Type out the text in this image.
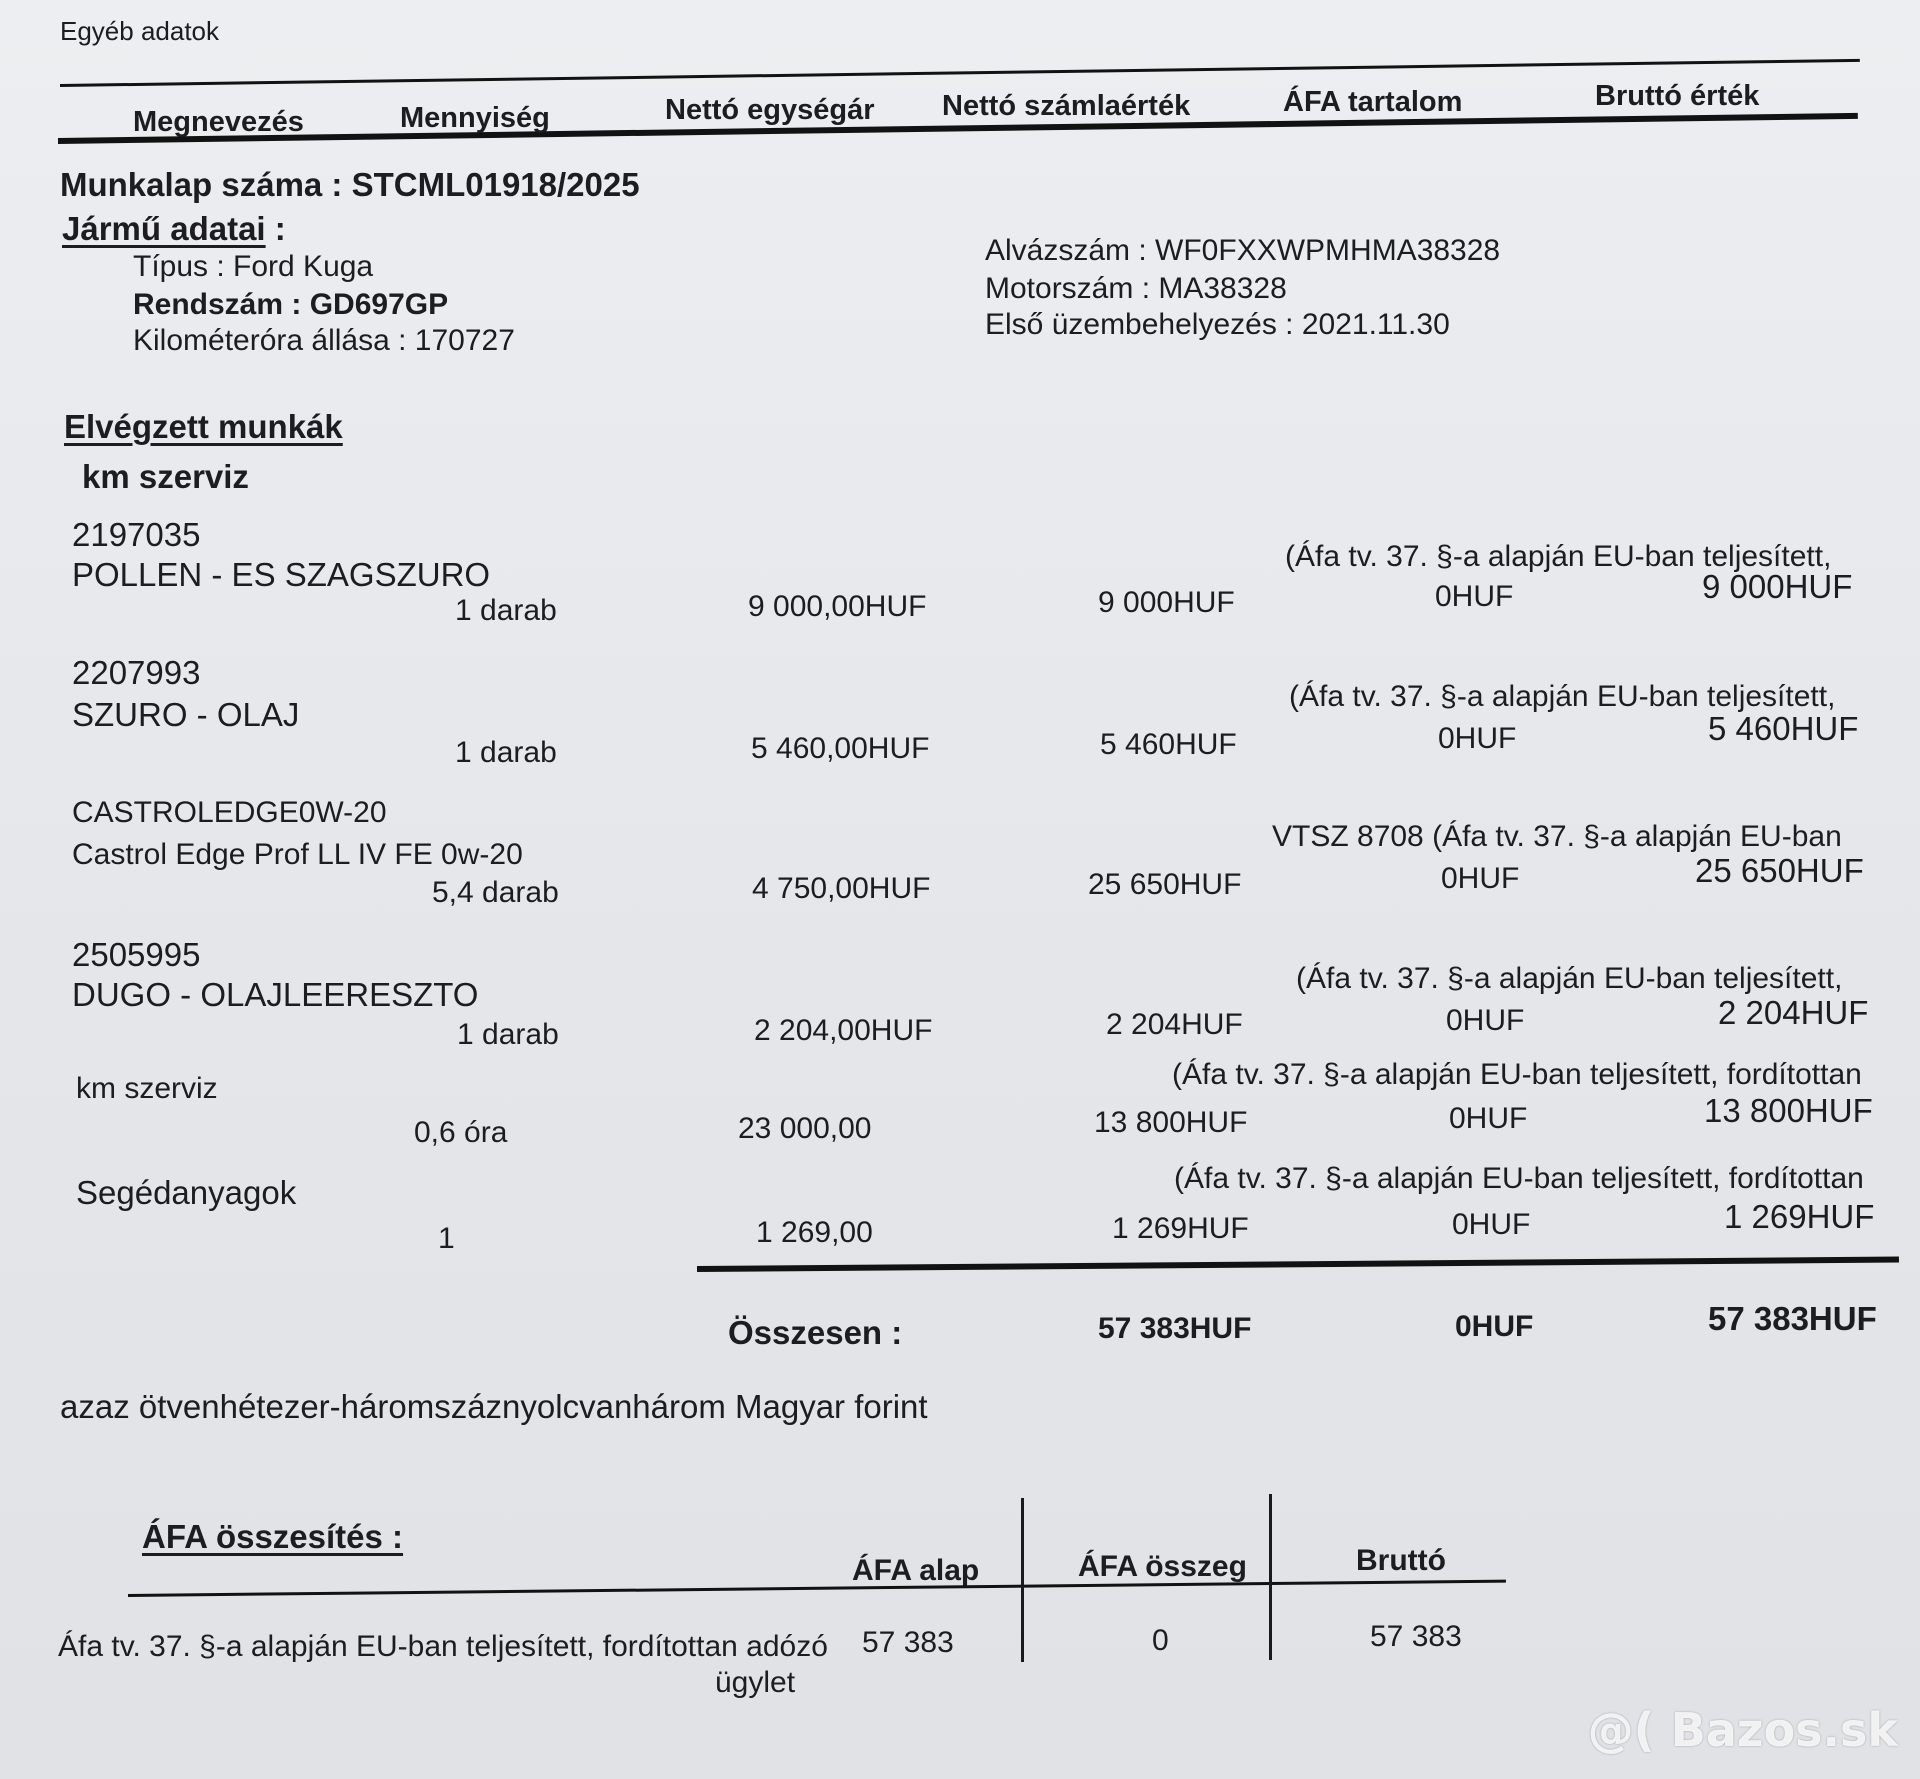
Egyéb adatok
Megnevezés	Mennyiség	Nettó egységár Nettó számlaérték	ÁFA tartalom	Bruttó érték
Munkalap száma : STCML01918/2025
Jármű adatai :
Típus : Ford Kuga
Rendszám : GD697GP
Kilométeróra állása : 170727
Alvázszám : WF0FXXWPMHMA38328
Motorszám : MA38328
Első üzembehelyezés : 2021.11.30
Elvégzett munkák
km szerviz
2197035
POLLEN - ES SZAGSZURO	(Áfa tv. 37. §-a alapján EU-ban teljesített,
1 darab	9 000,00HUF	9 000HUF	0HUF	9 000HUF
2207993
SZURO - OLAJ	(Áfa tv. 37. §-a alapján EU-ban teljesített,
1 darab	5 460,00HUF	5 460HUF	0HUF	5 460HUF
CASTROLEDGE0W-20
Castrol Edge Prof LL IV FE 0w-20
VTSZ 8708 (Áfa tv. 37. §-a alapján EU-ban
5,4 darab	4 750,00HUF	25 650HUF	0HUF	25 650HUF
2505995
DUGO - OLAJLEERESZTO	(Áfa tv. 37. §-a alapján EU-ban teljesített,
1 darab	2 204,00HUF	2 204HUF	0HUF	2 204HUF
km szerviz	(Áfa tv. 37. §-a alapján EU-ban teljesített, fordítottan
0,6 óra	23 000,00	13 800HUF	0HUF	13 800HUF
Segédanyagok	(Áfa tv. 37. §-a alapján EU-ban teljesített, fordítottan
1	1 269,00	1 269HUF	0HUF	1 269HUF
Összesen :	57 383HUF	0HUF	57 383HUF
azaz ötvenhétezer-háromszáznyolcvanhárom Magyar forint
ÁFA összesítés :
ÁFA alap	ÁFA összeg	Bruttó
Áfa tv. 37. §-a alapján EU-ban teljesített, fordítottan adózó
ügylet
57 383	0	57 383
@( Bazos.sk
